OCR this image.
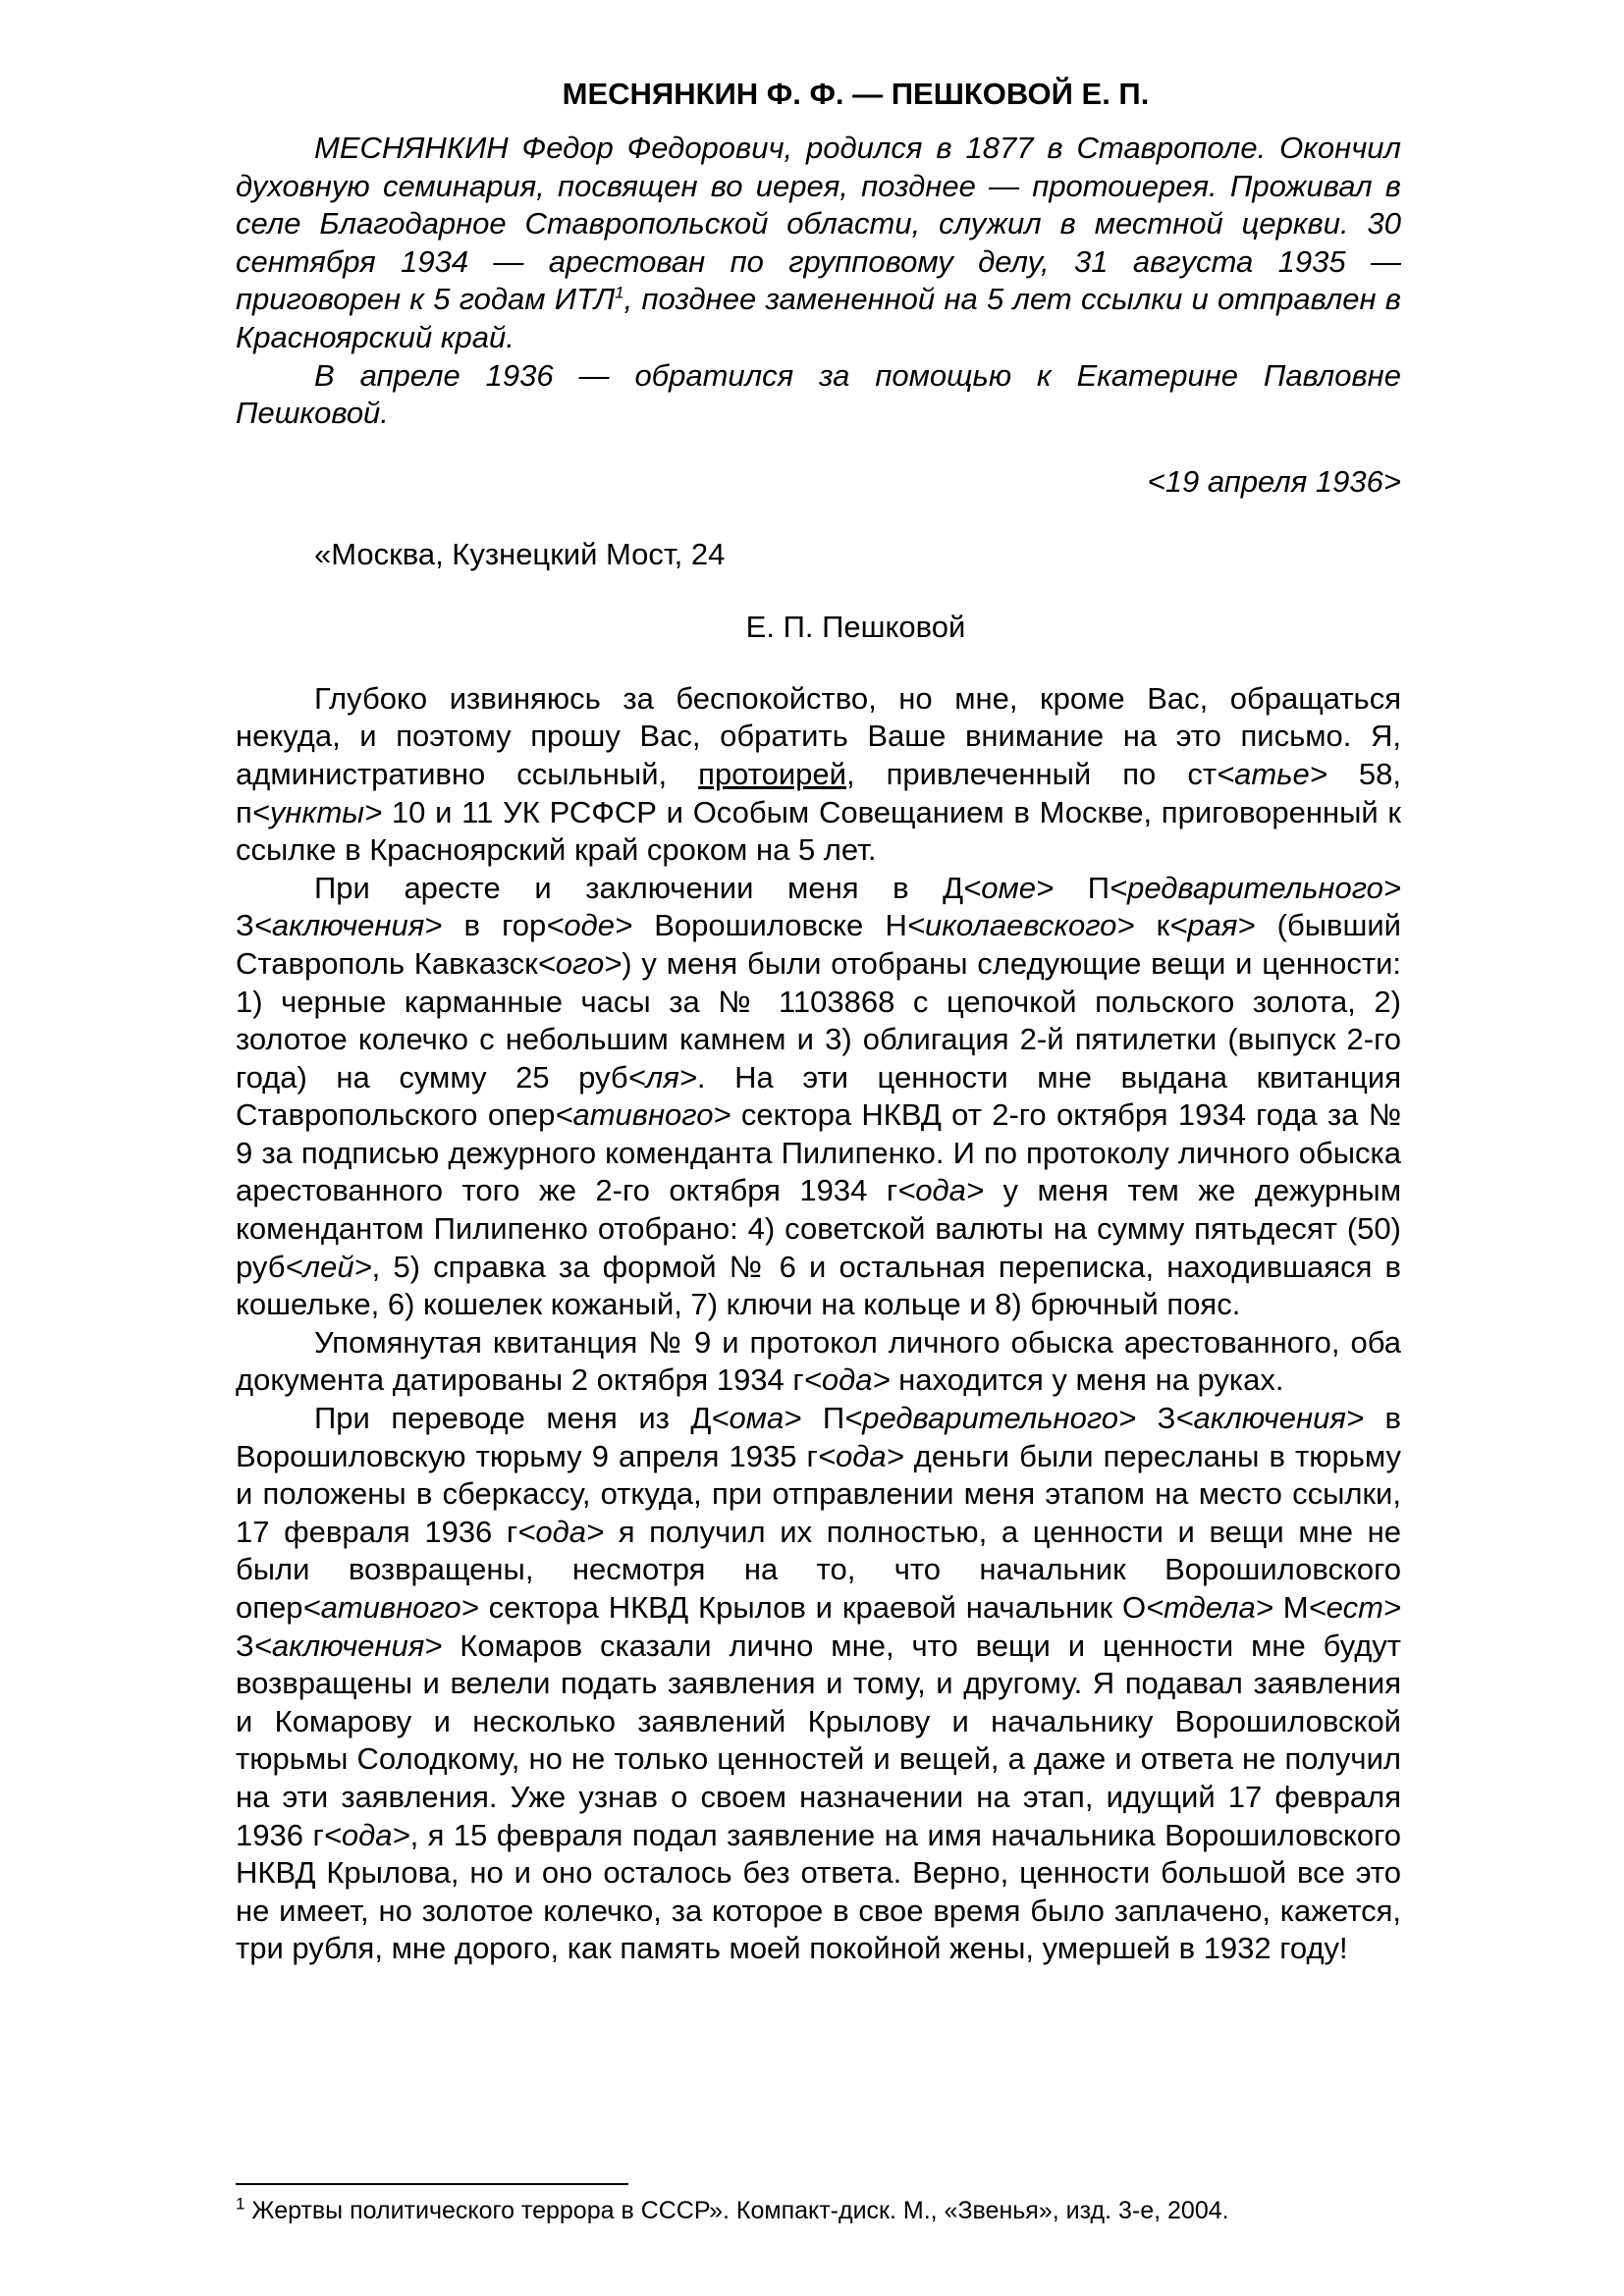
МЕСНЯНКИН Ф. Ф. — ПЕШКОВОЙ Е. П.

МЕСНЯНКИН Федор Федорович, родился в 1877 в Ставрополе. Окончил духовную семинария, посвящен во иерея, позднее — протоиерея. Проживал в селе Благодарное Ставропольской области, служил в местной церкви. 30 сентября 1934 — арестован по групповому делу, 31 августа 1935 — приговорен к 5 годам ИТЛ$^1$, позднее замененной на 5 лет ссылки и отправлен в Красноярский край.

В апреле 1936 — обратился за помощью к Екатерине Павловне Пешковой.

<19 апреля 1936>
«Москва, Кузнецкий Мост, 24
Е. П. Пешковой

Глубоко извиняюсь за беспокойство, но мне, кроме Вас, обращаться некуда, и поэтому прошу Вас, обратить Ваше внимание на это письмо. Я, административно ссыльный, протоирей, привлеченный по ст<атье> 58, п<ункты> 10 и 11 УК РСФСР и Особым Совещанием в Москве, приговоренный к ссылке в Красноярский край сроком на 5 лет.

При аресте и заключении меня в Д<оме> П<редварительного> З<аключения> в гор<оде> Ворошиловске Н<иколаевского> к<рая> (бывший Ставрополь Кавказск<ого>) у меня были отобраны следующие вещи и ценности: 1) черные карманные часы за № 1103868 с цепочкой польского золота, 2) золотое колечко с небольшим камнем и 3) облигация 2-й пятилетки (выпуск 2-го года) на сумму 25 руб<ля>. На эти ценности мне выдана квитанция Ставропольского опер<ативного> сектора НКВД от 2-го октября 1934 года за № 9 за подписью дежурного коменданта Пилипенко. И по протоколу личного обыска арестованного того же 2-го октября 1934 г<ода> у меня тем же дежурным комендантом Пилипенко отобрано: 4) советской валюты на сумму пятьдесят (50) руб<лей>, 5) справка за формой № 6 и остальная переписка, находившаяся в кошельке, 6) кошелек кожаный, 7) ключи на кольце и 8) брючный пояс.

Упомянутая квитанция № 9 и протокол личного обыска арестованного, оба документа датированы 2 октября 1934 г<ода> находится у меня на руках.

При переводе меня из Д<ома> П<редварительного> З<аключения> в Ворошиловскую тюрьму 9 апреля 1935 г<ода> деньги были пересланы в тюрьму и положены в сберкассу, откуда, при отправлении меня этапом на место ссылки, 17 февраля 1936 г<ода> я получил их полностью, а ценности и вещи мне не были возвращены, несмотря на то, что начальник Ворошиловского опер<ативного> сектора НКВД Крылов и краевой начальник О<тдела> М<ест> З<аключения> Комаров сказали лично мне, что вещи и ценности мне будут возвращены и велели подать заявления и тому, и другому. Я подавал заявления и Комарову и несколько заявлений Крылову и начальнику Ворошиловской тюрьмы Солодкому, но не только ценностей и вещей, а даже и ответа не получил на эти заявления. Уже узнав о своем назначении на этап, идущий 17 февраля 1936 г<ода>, я 15 февраля подал заявление на имя начальника Ворошиловского НКВД Крылова, но и оно осталось без ответа. Верно, ценности большой все это не имеет, но золотое колечко, за которое в свое время было заплачено, кажется, три рубля, мне дорого, как память моей покойной жены, умершей в 1932 году!

$^1$ Жертвы политического террора в СССР». Компакт-диск. М., «Звенья», изд. 3-е, 2004.
